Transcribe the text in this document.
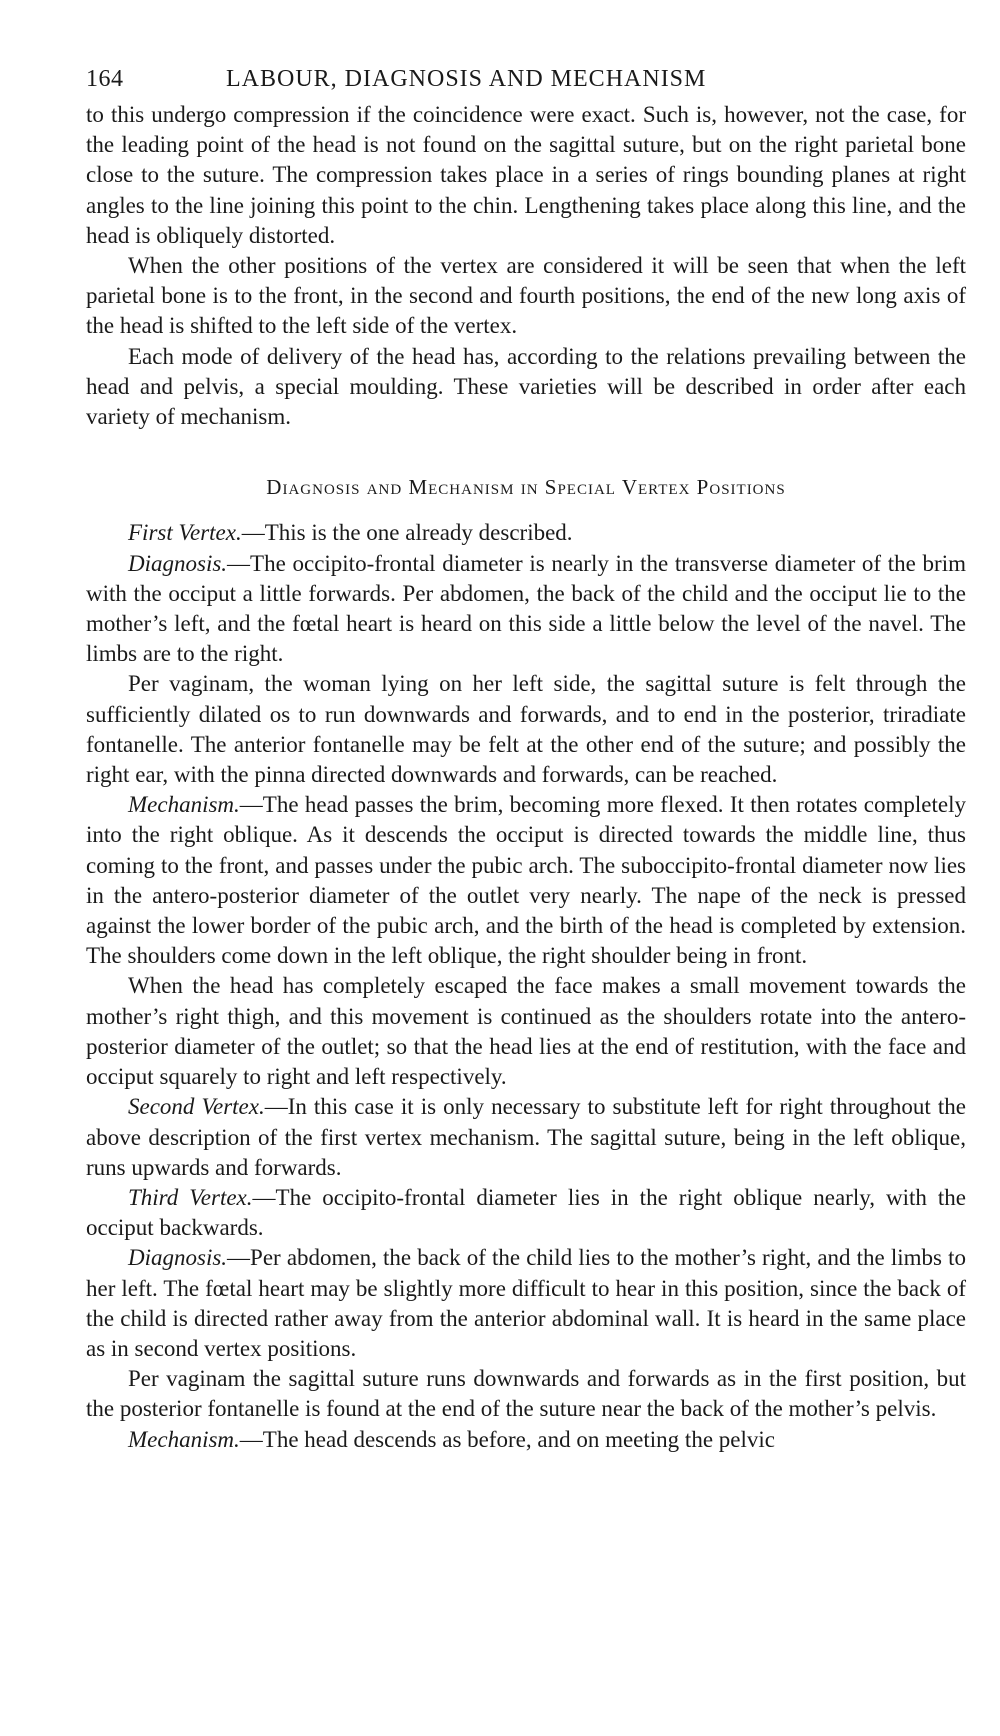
164	LABOUR, DIAGNOSIS AND MECHANISM

to this undergo compression if the coincidence were exact. Such is, however, not the case, for the leading point of the head is not found on the sagittal suture, but on the right parietal bone close to the suture. The compression takes place in a series of rings bounding planes at right angles to the line joining this point to the chin. Lengthening takes place along this line, and the head is obliquely distorted.

When the other positions of the vertex are considered it will be seen that when the left parietal bone is to the front, in the second and fourth positions, the end of the new long axis of the head is shifted to the left side of the vertex.

Each mode of delivery of the head has, according to the relations prevailing between the head and pelvis, a special moulding. These varieties will be described in order after each variety of mechanism.

Diagnosis and Mechanism in Special Vertex Positions

First Vertex.—This is the one already described.

Diagnosis.—The occipito-frontal diameter is nearly in the transverse diameter of the brim with the occiput a little forwards. Per abdomen, the back of the child and the occiput lie to the mother’s left, and the fœtal heart is heard on this side a little below the level of the navel. The limbs are to the right.

Per vaginam, the woman lying on her left side, the sagittal suture is felt through the sufficiently dilated os to run downwards and forwards, and to end in the posterior, triradiate fontanelle. The anterior fontanelle may be felt at the other end of the suture; and possibly the right ear, with the pinna directed downwards and forwards, can be reached.

Mechanism.—The head passes the brim, becoming more flexed. It then rotates completely into the right oblique. As it descends the occiput is directed towards the middle line, thus coming to the front, and passes under the pubic arch. The suboccipito-frontal diameter now lies in the antero-posterior diameter of the outlet very nearly. The nape of the neck is pressed against the lower border of the pubic arch, and the birth of the head is completed by extension. The shoulders come down in the left oblique, the right shoulder being in front.

When the head has completely escaped the face makes a small movement towards the mother’s right thigh, and this movement is continued as the shoulders rotate into the antero-posterior diameter of the outlet; so that the head lies at the end of restitution, with the face and occiput squarely to right and left respectively.

Second Vertex.—In this case it is only necessary to substitute left for right throughout the above description of the first vertex mechanism. The sagittal suture, being in the left oblique, runs upwards and forwards.

Third Vertex.—The occipito-frontal diameter lies in the right oblique nearly, with the occiput backwards.

Diagnosis.—Per abdomen, the back of the child lies to the mother’s right, and the limbs to her left. The fœtal heart may be slightly more difficult to hear in this position, since the back of the child is directed rather away from the anterior abdominal wall. It is heard in the same place as in second vertex positions.

Per vaginam the sagittal suture runs downwards and forwards as in the first position, but the posterior fontanelle is found at the end of the suture near the back of the mother’s pelvis.

Mechanism.—The head descends as before, and on meeting the pelvic
